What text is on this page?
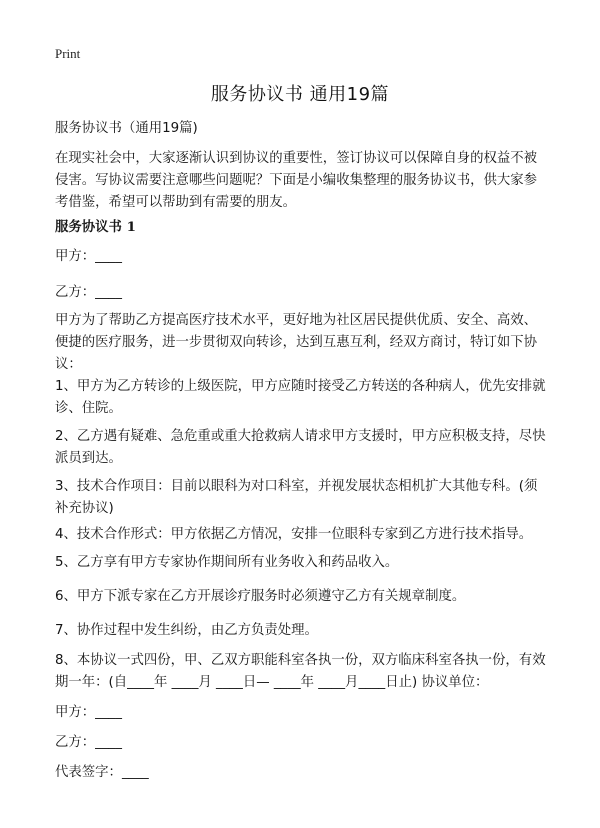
Print
服务协议书 通用19篇

服务协议书（通用19篇)

在现实社会中，大家逐渐认识到协议的重要性，签订协议可以保障自身的权益不被侵害。写协议需要注意哪些问题呢？下面是小编收集整理的服务协议书，供大家参考借鉴，希望可以帮助到有需要的朋友。

服务协议书 1

甲方：____

乙方：____

甲方为了帮助乙方提高医疗技术水平，更好地为社区居民提供优质、安全、高效、便捷的医疗服务，进一步贯彻双向转诊，达到互惠互利，经双方商讨，特订如下协议：

1、甲方为乙方转诊的上级医院，甲方应随时接受乙方转送的各种病人，优先安排就诊、住院。

2、乙方遇有疑难、急危重或重大抢救病人请求甲方支援时，甲方应积极支持，尽快派员到达。

3、技术合作项目：目前以眼科为对口科室，并视发展状态相机扩大其他专科。(须补充协议)

4、技术合作形式：甲方依据乙方情况，安排一位眼科专家到乙方进行技术指导。

5、乙方享有甲方专家协作期间所有业务收入和药品收入。

6、甲方下派专家在乙方开展诊疗服务时必须遵守乙方有关规章制度。

7、协作过程中发生纠纷，由乙方负责处理。

8、本协议一式四份，甲、乙双方职能科室各执一份，双方临床科室各执一份，有效期一年：(自____年 ____月 ____日— ____年 ____月____日止) 协议单位：

甲方：____

乙方：____

代表签字：____
